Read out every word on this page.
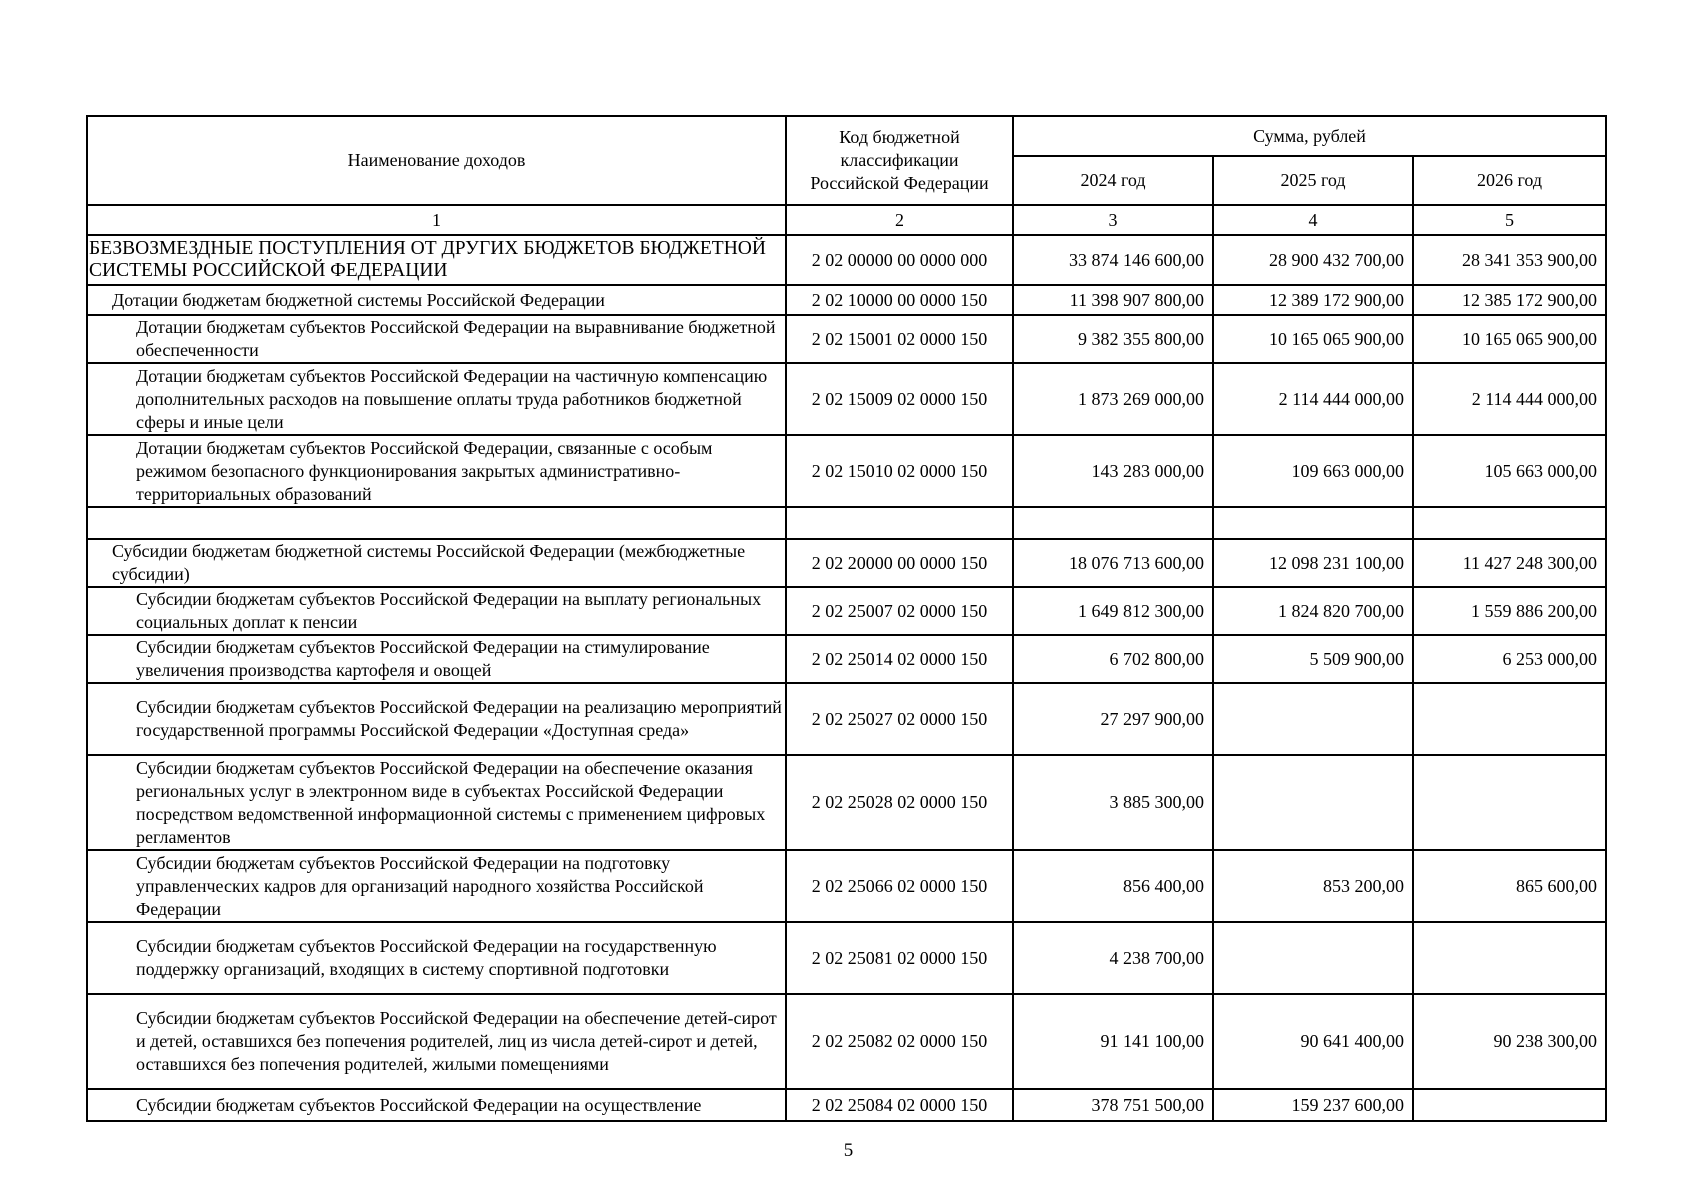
Наименование доходов	Код бюджетной классификации Российской Федерации	Сумма, рублей		
		2024 год	2025 год	2026 год
1	2	3	4	5
БЕЗВОЗМЕЗДНЫЕ ПОСТУПЛЕНИЯ ОТ ДРУГИХ БЮДЖЕТОВ БЮДЖЕТНОЙ СИСТЕМЫ РОССИЙСКОЙ ФЕДЕРАЦИИ	2 02 00000 00 0000 000	33 874 146 600,00	28 900 432 700,00	28 341 353 900,00
Дотации бюджетам бюджетной системы Российской Федерации	2 02 10000 00 0000 150	11 398 907 800,00	12 389 172 900,00	12 385 172 900,00
Дотации бюджетам субъектов Российской Федерации на выравнивание бюджетной обеспеченности	2 02 15001 02 0000 150	9 382 355 800,00	10 165 065 900,00	10 165 065 900,00
Дотации бюджетам субъектов Российской Федерации на частичную компенсацию дополнительных расходов на повышение оплаты труда работников бюджетной сферы и иные цели	2 02 15009 02 0000 150	1 873 269 000,00	2 114 444 000,00	2 114 444 000,00
Дотации бюджетам субъектов Российской Федерации, связанные с особым режимом безопасного функционирования закрытых административно-территориальных образований	2 02 15010 02 0000 150	143 283 000,00	109 663 000,00	105 663 000,00

Субсидии бюджетам бюджетной системы Российской Федерации (межбюджетные субсидии)	2 02 20000 00 0000 150	18 076 713 600,00	12 098 231 100,00	11 427 248 300,00
Субсидии бюджетам субъектов Российской Федерации на выплату региональных социальных доплат к пенсии	2 02 25007 02 0000 150	1 649 812 300,00	1 824 820 700,00	1 559 886 200,00
Субсидии бюджетам субъектов Российской Федерации на стимулирование увеличения производства картофеля и овощей	2 02 25014 02 0000 150	6 702 800,00	5 509 900,00	6 253 000,00
Субсидии бюджетам субъектов Российской Федерации на реализацию мероприятий государственной программы Российской Федерации «Доступная среда»	2 02 25027 02 0000 150	27 297 900,00		
Субсидии бюджетам субъектов Российской Федерации на обеспечение оказания региональных услуг в электронном виде в субъектах Российской Федерации посредством ведомственной информационной системы с применением цифровых регламентов	2 02 25028 02 0000 150	3 885 300,00		
Субсидии бюджетам субъектов Российской Федерации на подготовку управленческих кадров для организаций народного хозяйства Российской Федерации	2 02 25066 02 0000 150	856 400,00	853 200,00	865 600,00
Субсидии бюджетам субъектов Российской Федерации на государственную поддержку организаций, входящих в систему спортивной подготовки	2 02 25081 02 0000 150	4 238 700,00		
Субсидии бюджетам субъектов Российской Федерации на обеспечение детей-сирот и детей, оставшихся без попечения родителей, лиц из числа детей-сирот и детей, оставшихся без попечения родителей, жилыми помещениями	2 02 25082 02 0000 150	91 141 100,00	90 641 400,00	90 238 300,00
Субсидии бюджетам субъектов Российской Федерации на осуществление	2 02 25084 02 0000 150	378 751 500,00	159 237 600,00	
5
